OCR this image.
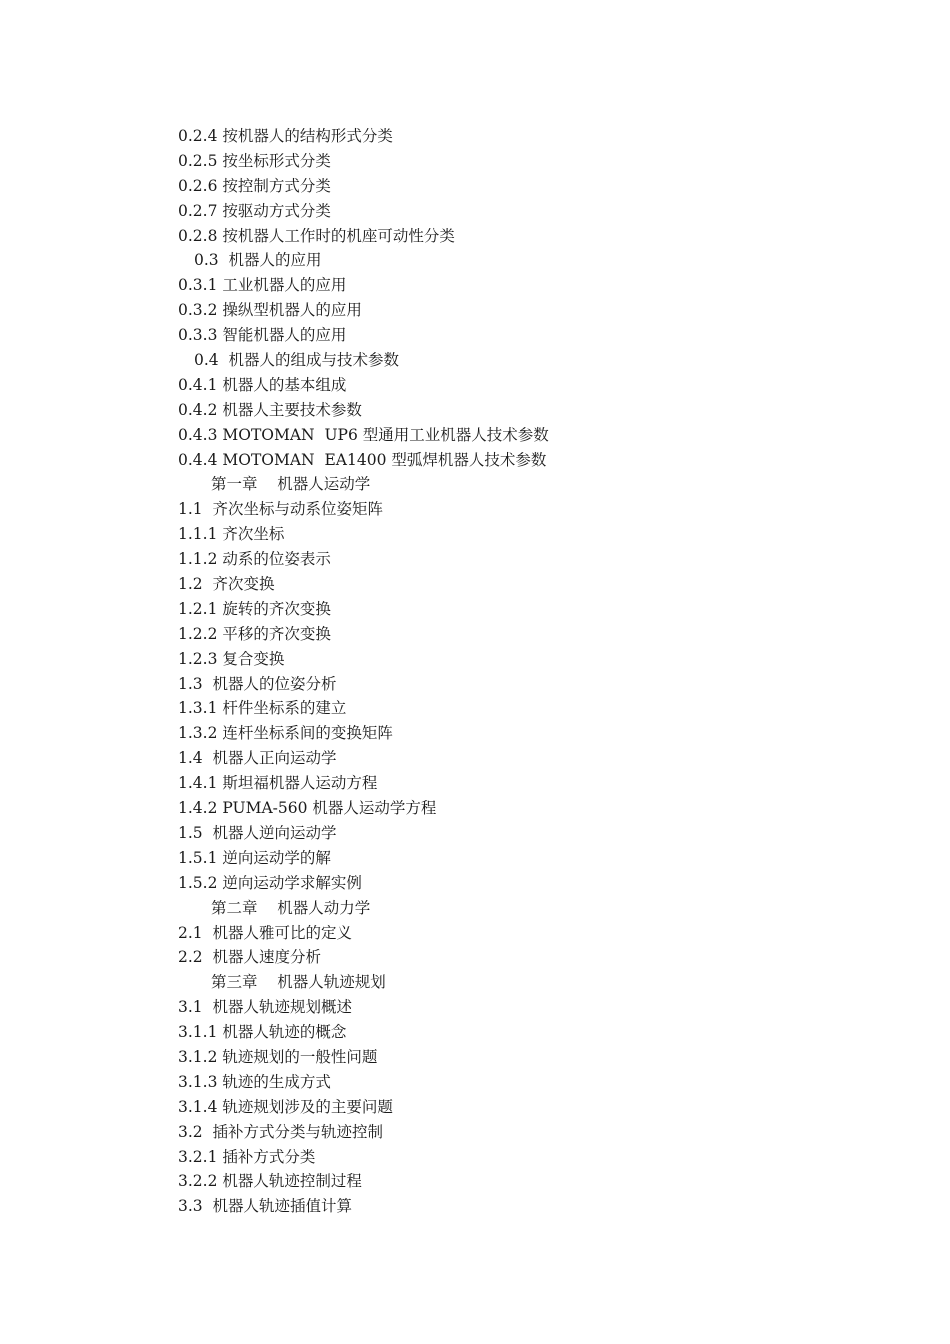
0.2.4 按机器人的结构形式分类
0.2.5 按坐标形式分类
0.2.6 按控制方式分类
0.2.7 按驱动方式分类
0.2.8 按机器人工作时的机座可动性分类
0.3  机器人的应用
0.3.1 工业机器人的应用
0.3.2 操纵型机器人的应用
0.3.3 智能机器人的应用
0.4  机器人的组成与技术参数
0.4.1 机器人的基本组成
0.4.2 机器人主要技术参数
0.4.3 MOTOMAN  UP6 型通用工业机器人技术参数
0.4.4 MOTOMAN  EA1400 型弧焊机器人技术参数
第一章    机器人运动学
1.1  齐次坐标与动系位姿矩阵
1.1.1 齐次坐标
1.1.2 动系的位姿表示
1.2  齐次变换
1.2.1 旋转的齐次变换
1.2.2 平移的齐次变换
1.2.3 复合变换
1.3  机器人的位姿分析
1.3.1 杆件坐标系的建立
1.3.2 连杆坐标系间的变换矩阵
1.4  机器人正向运动学
1.4.1 斯坦福机器人运动方程
1.4.2 PUMA-560 机器人运动学方程
1.5  机器人逆向运动学
1.5.1 逆向运动学的解
1.5.2 逆向运动学求解实例
第二章    机器人动力学
2.1  机器人雅可比的定义
2.2  机器人速度分析
第三章    机器人轨迹规划
3.1  机器人轨迹规划概述
3.1.1 机器人轨迹的概念
3.1.2 轨迹规划的一般性问题
3.1.3 轨迹的生成方式
3.1.4 轨迹规划涉及的主要问题
3.2  插补方式分类与轨迹控制
3.2.1 插补方式分类
3.2.2 机器人轨迹控制过程
3.3  机器人轨迹插值计算
